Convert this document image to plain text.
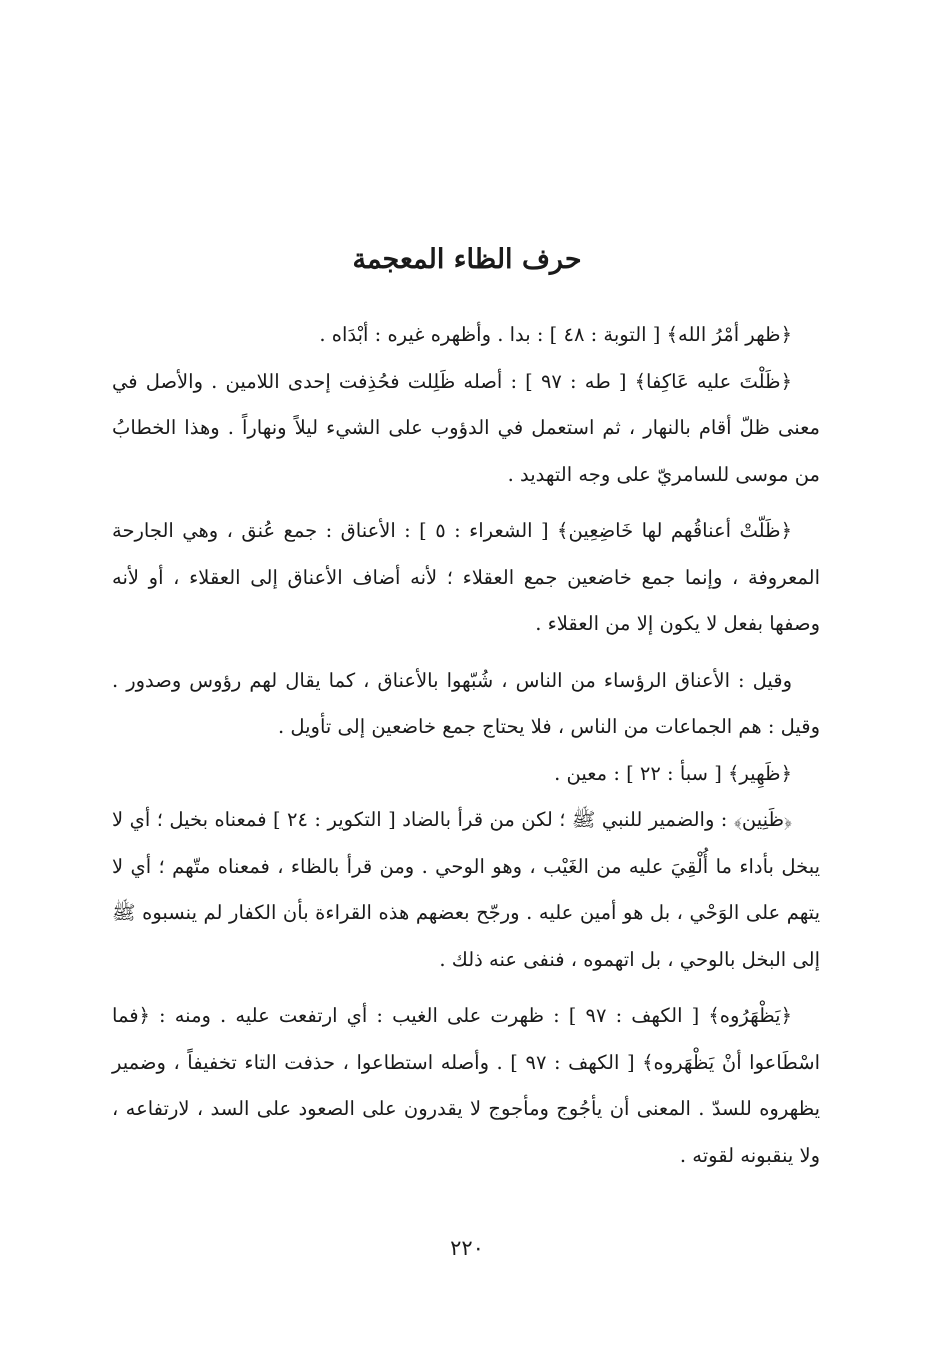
حرف الظاء المعجمة

﴿ظهر أمْرُ الله﴾ [ التوبة : ٤٨ ] : بدا . وأظهره غيره : أبْدَاه .

﴿ظَلْتَ عليه عَاكِفا﴾ [ طه : ٩٧ ] : أصله ظَلِلت فحُذِفت إحدى اللامين . والأصل في معنى ظلّ أقام بالنهار ، ثم استعمل في الدؤوب على الشيء ليلاً ونهاراً . وهذا الخطابُ من موسى للسامريّ على وجه التهديد .

﴿ظَلّتْ أعناقُهم لها خَاضِعِين﴾ [ الشعراء : ٥ ] : الأعناق : جمع عُنق ، وهي الجارحة المعروفة ، وإنما جمع خاضعين جمع العقلاء ؛ لأنه أضاف الأعناق إلى العقلاء ، أو لأنه وصفها بفعل لا يكون إلا من العقلاء .

وقيل : الأعناق الرؤساء من الناس ، شُبّهوا بالأعناق ، كما يقال لهم رؤوس وصدور . وقيل : هم الجماعات من الناس ، فلا يحتاج جمع خاضعين إلى تأويل .

﴿ظَهِير﴾ [ سبأ : ٢٢ ] : معين .

﴿ظَنِين﴾ : والضمير للنبي ﷺ ؛ لكن من قرأ بالضاد [ التكوير : ٢٤ ] فمعناه بخيل ؛ أي لا يبخل بأداء ما أُلْقِيَ عليه من الغَيْب ، وهو الوحي . ومن قرأ بالظاء ، فمعناه متّهم ؛ أي لا يتهم على الوَحْي ، بل هو أمين عليه . ورجّح بعضهم هذه القراءة بأن الكفار لم ينسبوه ﷺ إلى البخل بالوحي ، بل اتهموه ، فنفى عنه ذلك .

﴿يَظْهَرُوه﴾ [ الكهف : ٩٧ ] : ظهرت على الغيب : أي ارتفعت عليه . ومنه : ﴿فما اسْطَاعوا أنْ يَظْهَروه﴾ [ الكهف : ٩٧ ] . وأصله استطاعوا ، حذفت التاء تخفيفاً ، وضمير يظهروه للسدّ . المعنى أن يأجُوج ومأجوج لا يقدرون على الصعود على السد ، لارتفاعه ، ولا ينقبونه لقوته .

٢٢٠
